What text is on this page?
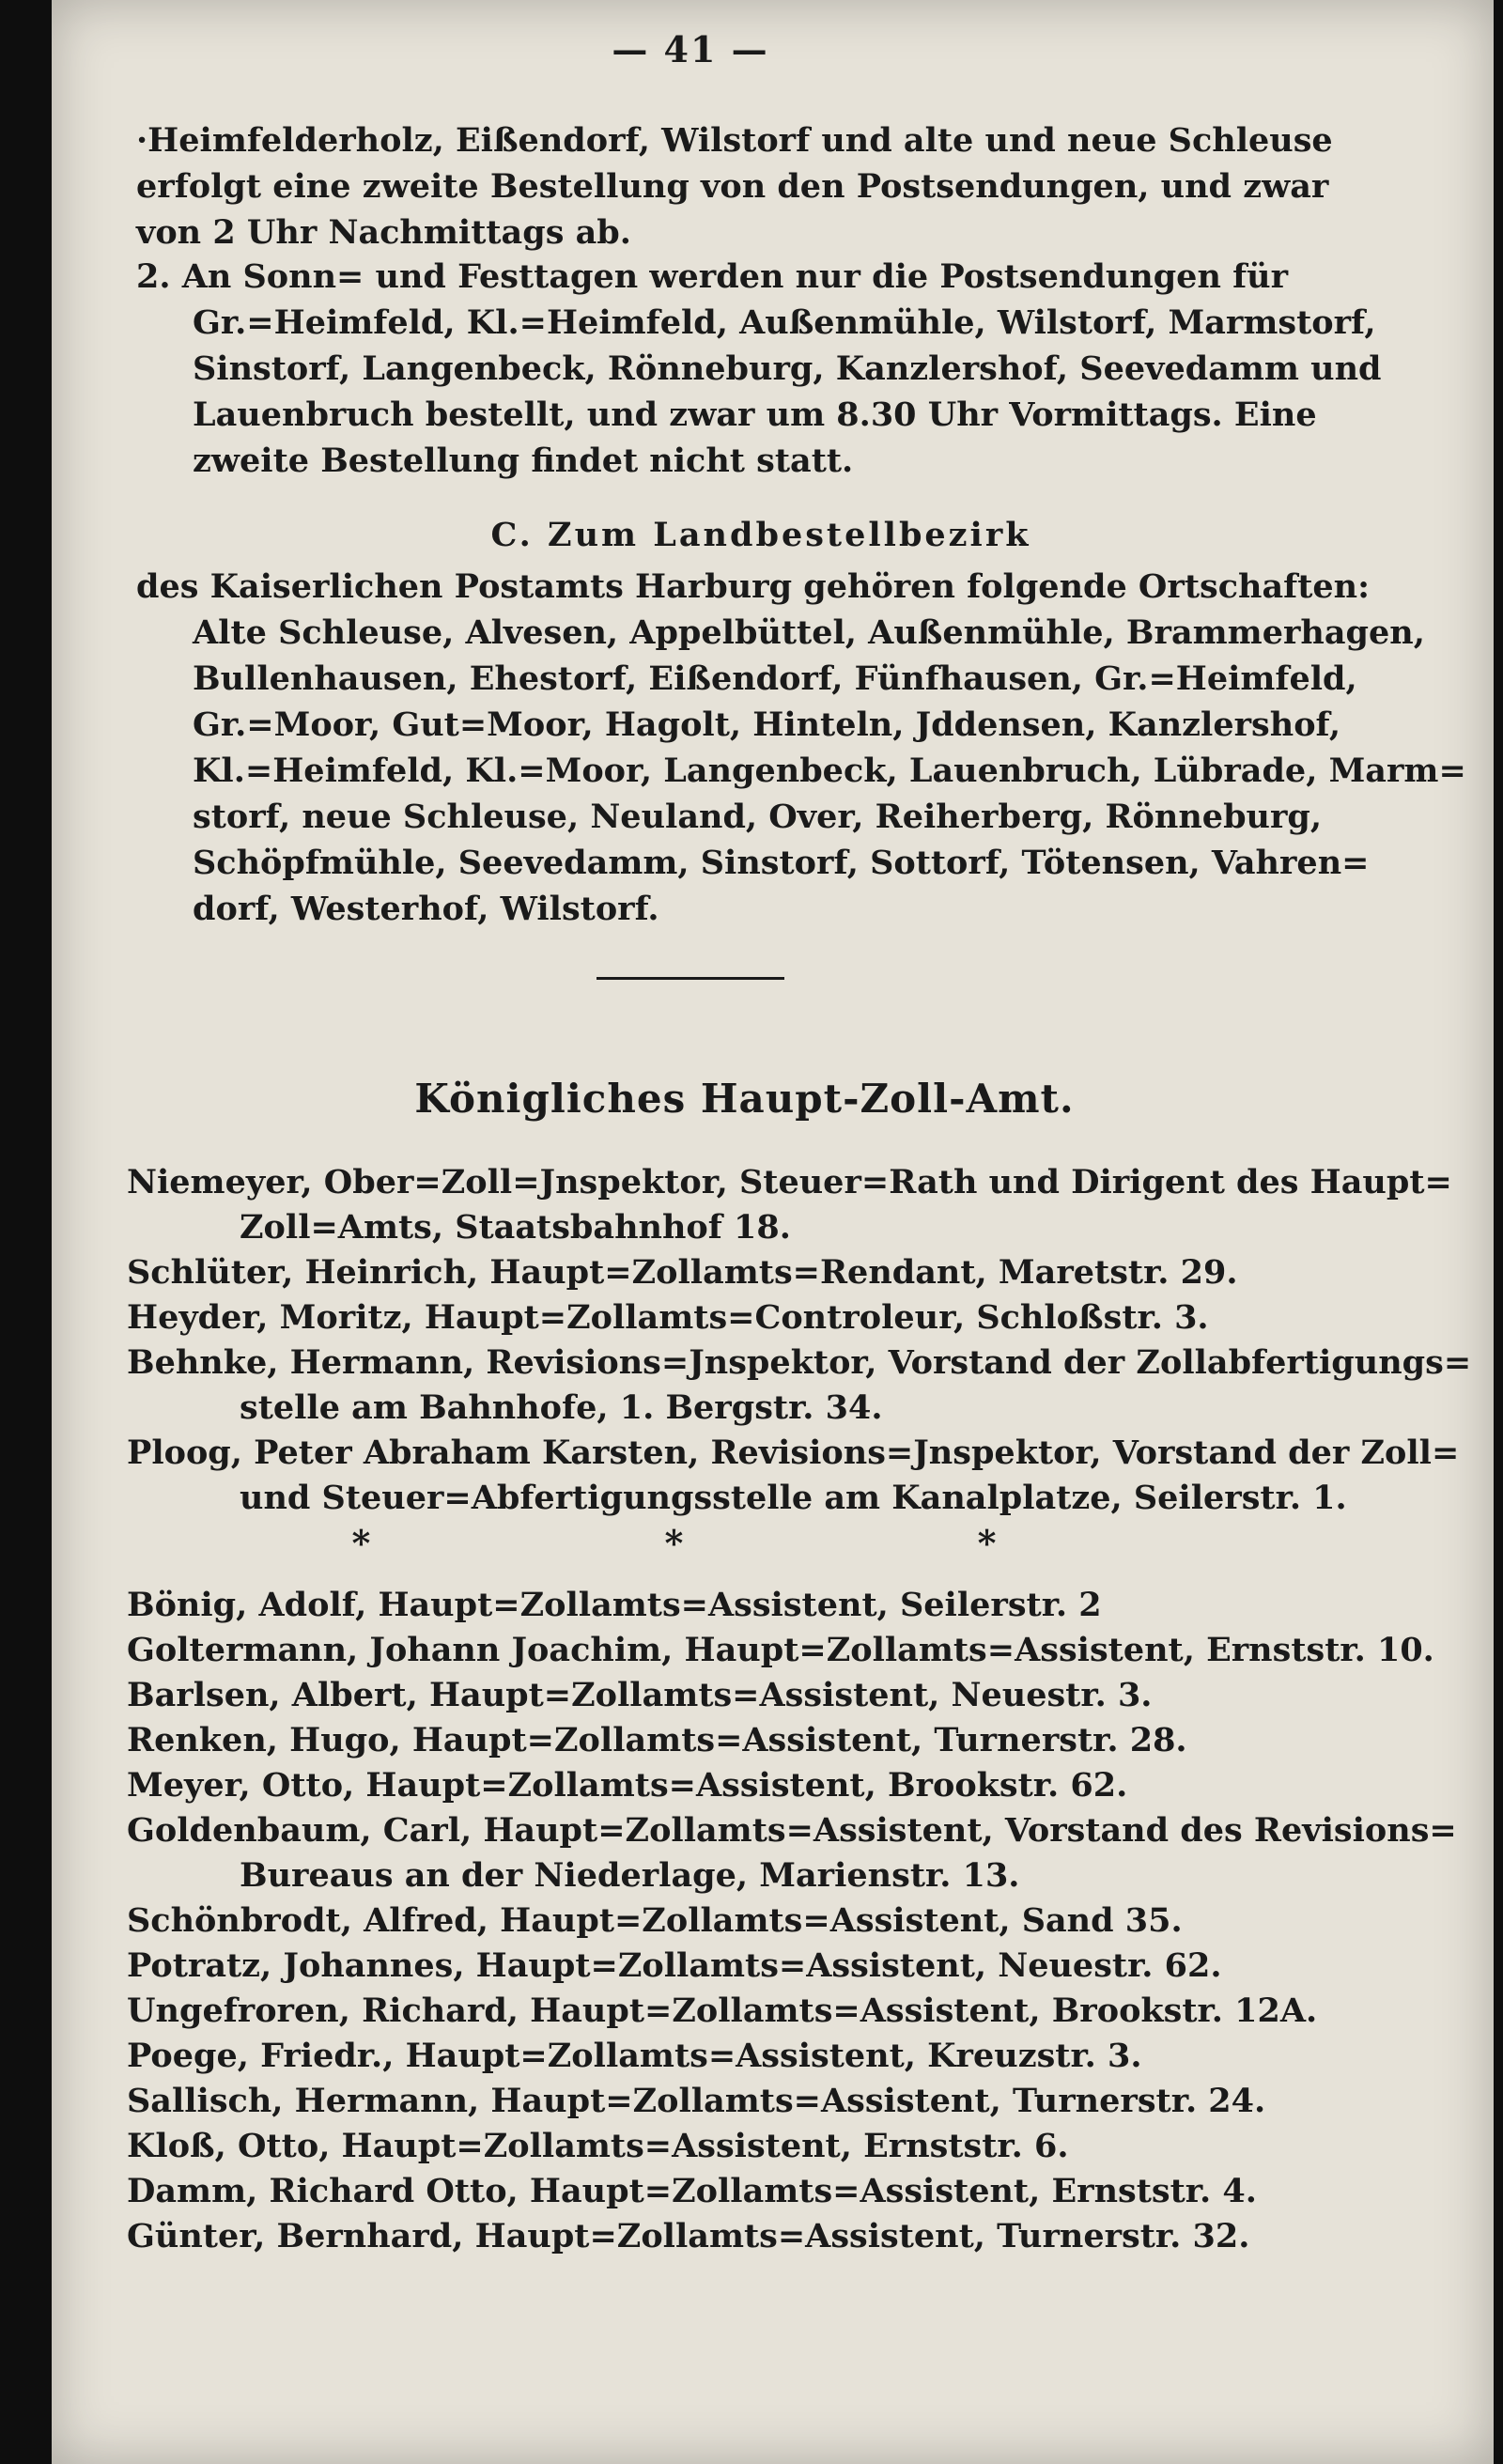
— 41 —
·Heimfelderholz, Eißendorf, Wilstorf und alte und neue Schleuse
erfolgt eine zweite Bestellung von den Postsendungen, und zwar
von 2 Uhr Nachmittags ab.
2. An Sonn= und Festtagen werden nur die Postsendungen für
Gr.=Heimfeld, Kl.=Heimfeld, Außenmühle, Wilstorf, Marmstorf,
Sinstorf, Langenbeck, Rönneburg, Kanzlershof, Seevedamm und
Lauenbruch bestellt, und zwar um 8.30 Uhr Vormittags. Eine
zweite Bestellung findet nicht statt.
C. Zum Landbestellbezirk
des Kaiserlichen Postamts Harburg gehören folgende Ortschaften:
Alte Schleuse, Alvesen, Appelbüttel, Außenmühle, Brammerhagen,
Bullenhausen, Ehestorf, Eißendorf, Fünfhausen, Gr.=Heimfeld,
Gr.=Moor, Gut=Moor, Hagolt, Hinteln, Jddensen, Kanzlershof,
Kl.=Heimfeld, Kl.=Moor, Langenbeck, Lauenbruch, Lübrade, Marm=
storf, neue Schleuse, Neuland, Over, Reiherberg, Rönneburg,
Schöpfmühle, Seevedamm, Sinstorf, Sottorf, Tötensen, Vahren=
dorf, Westerhof, Wilstorf.
Königliches Haupt-Zoll-Amt.
Niemeyer, Ober=Zoll=Jnspektor, Steuer=Rath und Dirigent des Haupt=
Zoll=Amts, Staatsbahnhof 18.
Schlüter, Heinrich, Haupt=Zollamts=Rendant, Maretstr. 29.
Heyder, Moritz, Haupt=Zollamts=Controleur, Schloßstr. 3.
Behnke, Hermann, Revisions=Jnspektor, Vorstand der Zollabfertigungs=
stelle am Bahnhofe, 1. Bergstr. 34.
Ploog, Peter Abraham Karsten, Revisions=Jnspektor, Vorstand der Zoll=
und Steuer=Abfertigungsstelle am Kanalplatze, Seilerstr. 1.
* * *
Bönig, Adolf, Haupt=Zollamts=Assistent, Seilerstr. 2
Goltermann, Johann Joachim, Haupt=Zollamts=Assistent, Ernststr. 10.
Barlsen, Albert, Haupt=Zollamts=Assistent, Neuestr. 3.
Renken, Hugo, Haupt=Zollamts=Assistent, Turnerstr. 28.
Meyer, Otto, Haupt=Zollamts=Assistent, Brookstr. 62.
Goldenbaum, Carl, Haupt=Zollamts=Assistent, Vorstand des Revisions=
Bureaus an der Niederlage, Marienstr. 13.
Schönbrodt, Alfred, Haupt=Zollamts=Assistent, Sand 35.
Potratz, Johannes, Haupt=Zollamts=Assistent, Neuestr. 62.
Ungefroren, Richard, Haupt=Zollamts=Assistent, Brookstr. 12A.
Poege, Friedr., Haupt=Zollamts=Assistent, Kreuzstr. 3.
Sallisch, Hermann, Haupt=Zollamts=Assistent, Turnerstr. 24.
Kloß, Otto, Haupt=Zollamts=Assistent, Ernststr. 6.
Damm, Richard Otto, Haupt=Zollamts=Assistent, Ernststr. 4.
Günter, Bernhard, Haupt=Zollamts=Assistent, Turnerstr. 32.
